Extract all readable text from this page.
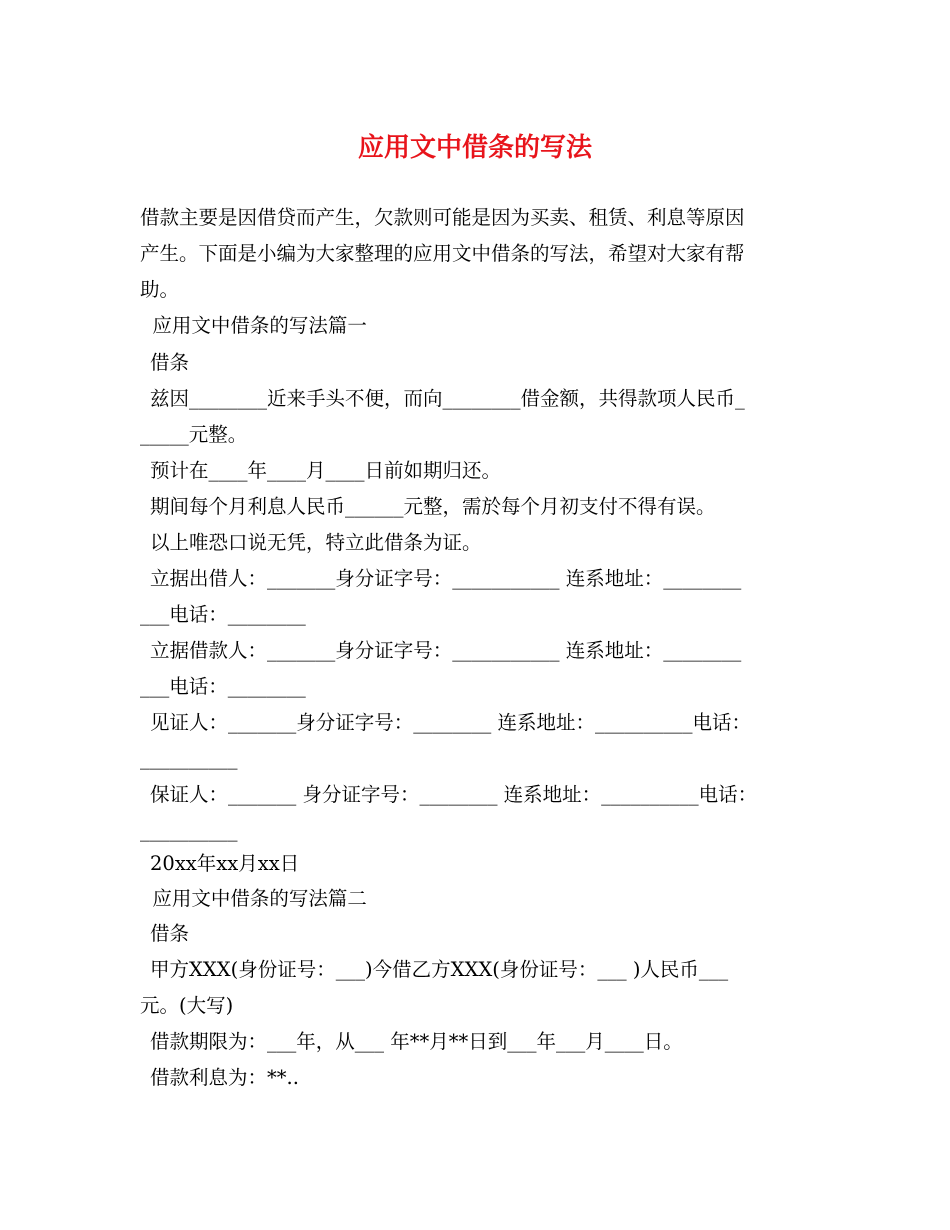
应用文中借条的写法
借款主要是因借贷而产生，欠款则可能是因为买卖、租赁、利息等原因
产生。下面是小编为大家整理的应用文中借条的写法，希望对大家有帮
助。
应用文中借条的写法篇一
借条
兹因________近来手头不便，而向________借金额，共得款项人民币_
_____元整。
预计在____年____月____日前如期归还。
期间每个月利息人民币______元整，需於每个月初支付不得有误。
以上唯恐口说无凭，特立此借条为证。
立据出借人：_______身分证字号：___________ 连系地址：________
___电话：________
立据借款人：_______身分证字号：___________ 连系地址：________
___电话：________
见证人：_______身分证字号：________ 连系地址：__________电话：
__________
保证人：_______ 身分证字号：________ 连系地址：__________电话：
__________
20xx年xx月xx日
应用文中借条的写法篇二
借条
甲方XXX(身份证号：___)今借乙方XXX(身份证号：___ )人民币___
元。(大写)
借款期限为：___年，从___ 年**月**日到___年___月____日。
借款利息为：**..
